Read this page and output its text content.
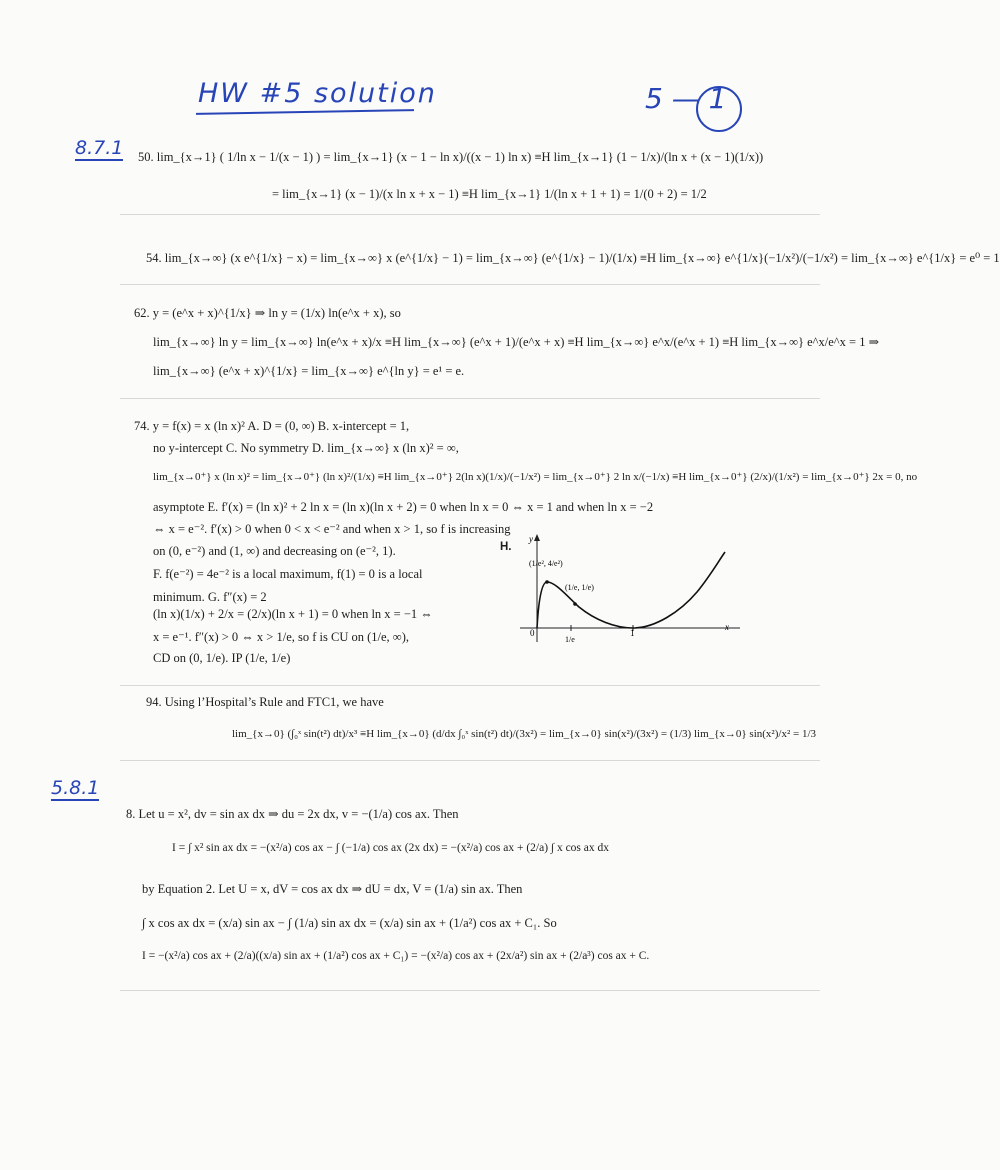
HW #5 solution	5 — 1
8.7.1
5.8.1
50. lim_{x→1} ( 1/ln x − 1/(x − 1) ) = lim_{x→1} (x − 1 − ln x)/((x − 1) ln x) ≡H lim_{x→1} (1 − 1/x)/(ln x + (x − 1)(1/x))
= lim_{x→1} (x − 1)/(x ln x + x − 1) ≡H lim_{x→1} 1/(ln x + 1 + 1) = 1/(0 + 2) = 1/2
54. lim_{x→∞} (x e^{1/x} − x) = lim_{x→∞} x (e^{1/x} − 1) = lim_{x→∞} (e^{1/x} − 1)/(1/x) ≡H lim_{x→∞} e^{1/x}(−1/x²)/(−1/x²) = lim_{x→∞} e^{1/x} = e⁰ = 1
62. y = (e^x + x)^{1/x} ⇒ ln y = (1/x) ln(e^x + x), so
lim_{x→∞} ln y = lim_{x→∞} ln(e^x + x)/x ≡H lim_{x→∞} (e^x + 1)/(e^x + x) ≡H lim_{x→∞} e^x/(e^x + 1) ≡H lim_{x→∞} e^x/e^x = 1 ⇒
lim_{x→∞} (e^x + x)^{1/x} = lim_{x→∞} e^{ln y} = e¹ = e.
74. y = f(x) = x (ln x)² A. D = (0, ∞) B. x-intercept = 1,
no y-intercept C. No symmetry D. lim_{x→∞} x (ln x)² = ∞,
lim_{x→0⁺} x (ln x)² = lim_{x→0⁺} (ln x)²/(1/x) ≡H lim_{x→0⁺} 2(ln x)(1/x)/(−1/x²) = lim_{x→0⁺} 2 ln x/(−1/x) ≡H lim_{x→0⁺} (2/x)/(1/x²) = lim_{x→0⁺} 2x = 0, no
asymptote E. f′(x) = (ln x)² + 2 ln x = (ln x)(ln x + 2) = 0 when ln x = 0 ⇔ x = 1 and when ln x = −2
⇔ x = e⁻². f′(x) > 0 when 0 < x < e⁻² and when x > 1, so f is increasing
on (0, e⁻²) and (1, ∞) and decreasing on (e⁻², 1).
F. f(e⁻²) = 4e⁻² is a local maximum, f(1) = 0 is a local
minimum. G. f″(x) = 2
(ln x)(1/x) + 2/x = (2/x)(ln x + 1) = 0 when ln x = −1 ⇔
x = e⁻¹. f″(x) > 0 ⇔ x > 1/e, so f is CU on (1/e, ∞),
CD on (0, 1/e). IP (1/e, 1/e)
H.
y
x
0
1/e
1
(1/e², 4/e²)
(1/e, 1/e)
94. Using l’Hospital’s Rule and FTC1, we have
lim_{x→0} (∫₀ˣ sin(t²) dt)/x³ ≡H lim_{x→0} (d/dx ∫₀ˣ sin(t²) dt)/(3x²) = lim_{x→0} sin(x²)/(3x²) = (1/3) lim_{x→0} sin(x²)/x² = 1/3
8. Let u = x², dv = sin ax dx ⇒ du = 2x dx, v = −(1/a) cos ax. Then
I = ∫ x² sin ax dx = −(x²/a) cos ax − ∫ (−1/a) cos ax (2x dx) = −(x²/a) cos ax + (2/a) ∫ x cos ax dx
by Equation 2. Let U = x, dV = cos ax dx ⇒ dU = dx, V = (1/a) sin ax. Then
∫ x cos ax dx = (x/a) sin ax − ∫ (1/a) sin ax dx = (x/a) sin ax + (1/a²) cos ax + C₁. So
I = −(x²/a) cos ax + (2/a)((x/a) sin ax + (1/a²) cos ax + C₁) = −(x²/a) cos ax + (2x/a²) sin ax + (2/a³) cos ax + C.
